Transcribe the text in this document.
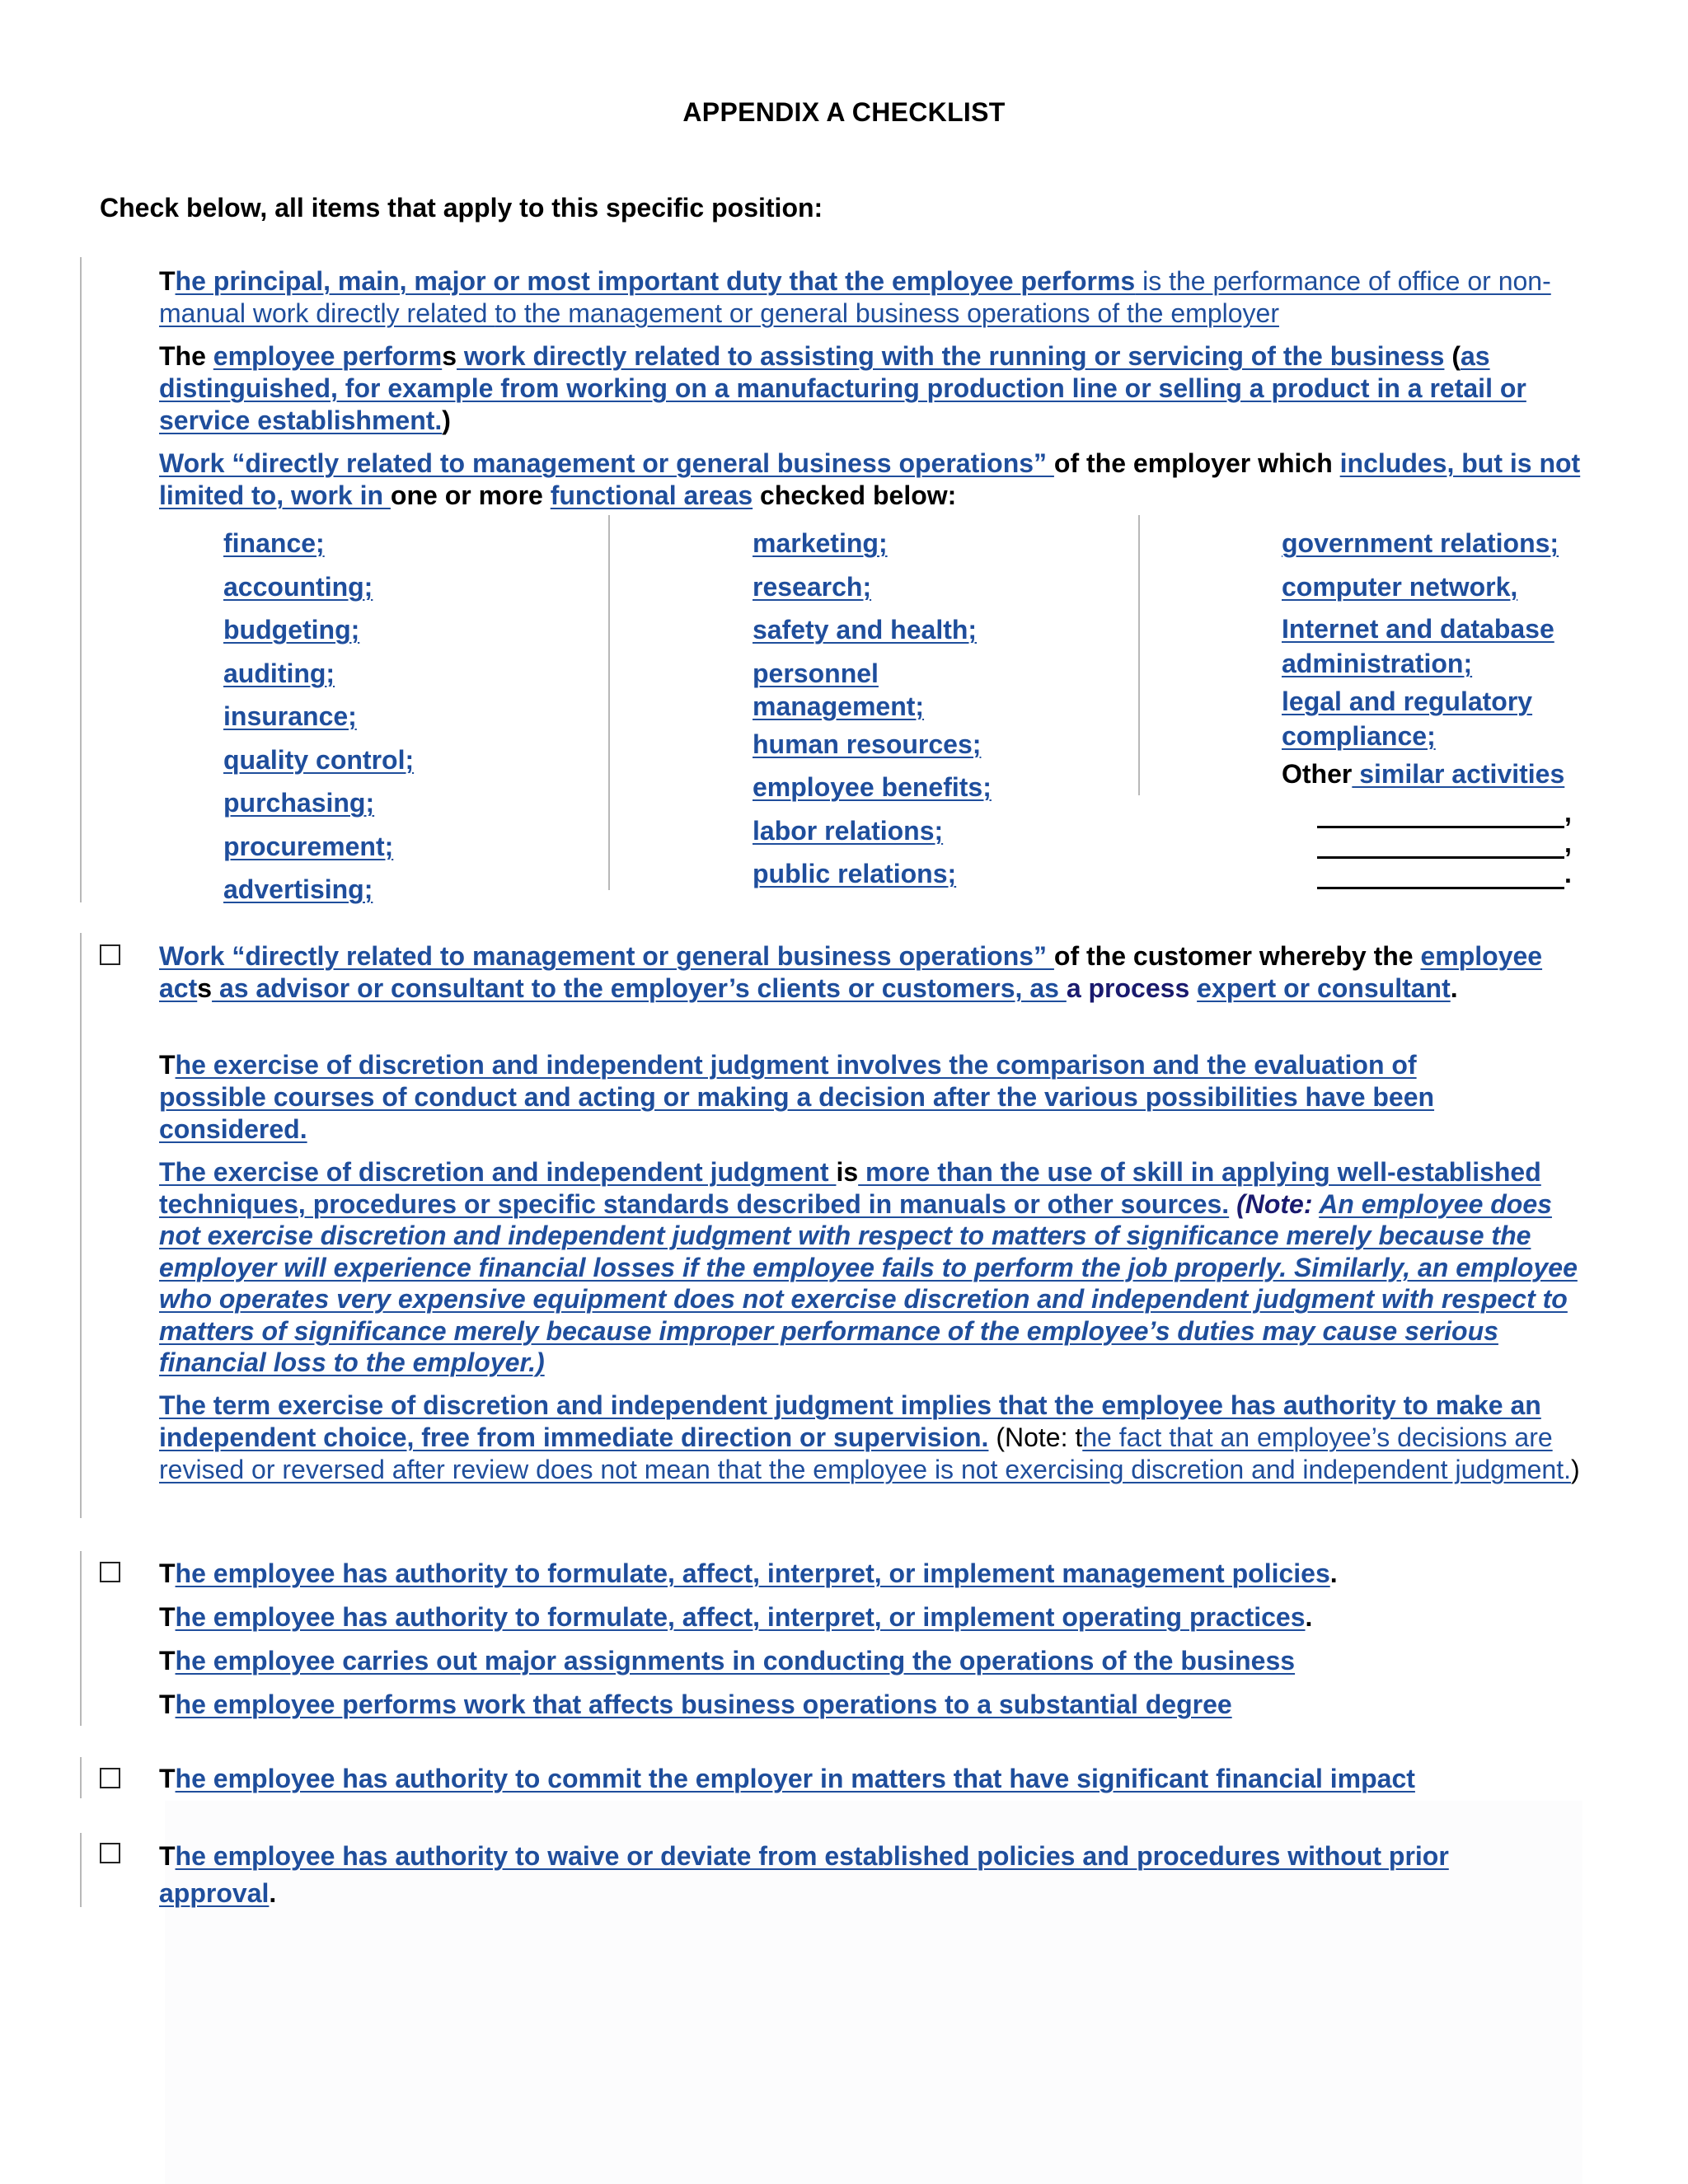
APPENDIX A CHECKLIST
Check below, all items that apply to this specific position:
The principal, main, major or most important duty that the employee performs is the performance of office or non-manual work directly related to the management or general business operations of the employer
The employee performs work directly related to assisting with the running or servicing of the business (as distinguished, for example from working on a manufacturing production line or selling a product in a retail or service establishment.)
Work “directly related to management or general business operations” of the employer which includes, but is not limited to, work in one or more functional areas checked below:
finance;
accounting;
budgeting;
auditing;
insurance;
quality control;
purchasing;
procurement;
advertising;
marketing;
research;
safety and health;
personnel
management;
human resources;
employee benefits;
labor relations;
public relations;
government relations;
computer network,
Internet and database
administration;
legal and regulatory
compliance;
Other similar activities
,
,
.
Work “directly related to management or general business operations” of the customer whereby the employee acts as advisor or consultant to the employer’s clients or customers, as a process expert or consultant.
The exercise of discretion and independent judgment involves the comparison and the evaluation of possible courses of conduct and acting or making a decision after the various possibilities have been considered.
The exercise of discretion and independent judgment is more than the use of skill in applying well-established techniques, procedures or specific standards described in manuals or other sources. (Note: An employee does not exercise discretion and independent judgment with respect to matters of significance merely because the employer will experience financial losses if the employee fails to perform the job properly. Similarly, an employee who operates very expensive equipment does not exercise discretion and independent judgment with respect to matters of significance merely because improper performance of the employee’s duties may cause serious financial loss to the employer.)
The term exercise of discretion and independent judgment implies that the employee has authority to make an independent choice, free from immediate direction or supervision. (Note: the fact that an employee’s decisions are revised or reversed after review does not mean that the employee is not exercising discretion and independent judgment.)
The employee has authority to formulate, affect, interpret, or implement management policies.
The employee has authority to formulate, affect, interpret, or implement operating practices.
The employee carries out major assignments in conducting the operations of the business
The employee performs work that affects business operations to a substantial degree
The employee has authority to commit the employer in matters that have significant financial impact
The employee has authority to waive or deviate from established policies and procedures without prior approval.
